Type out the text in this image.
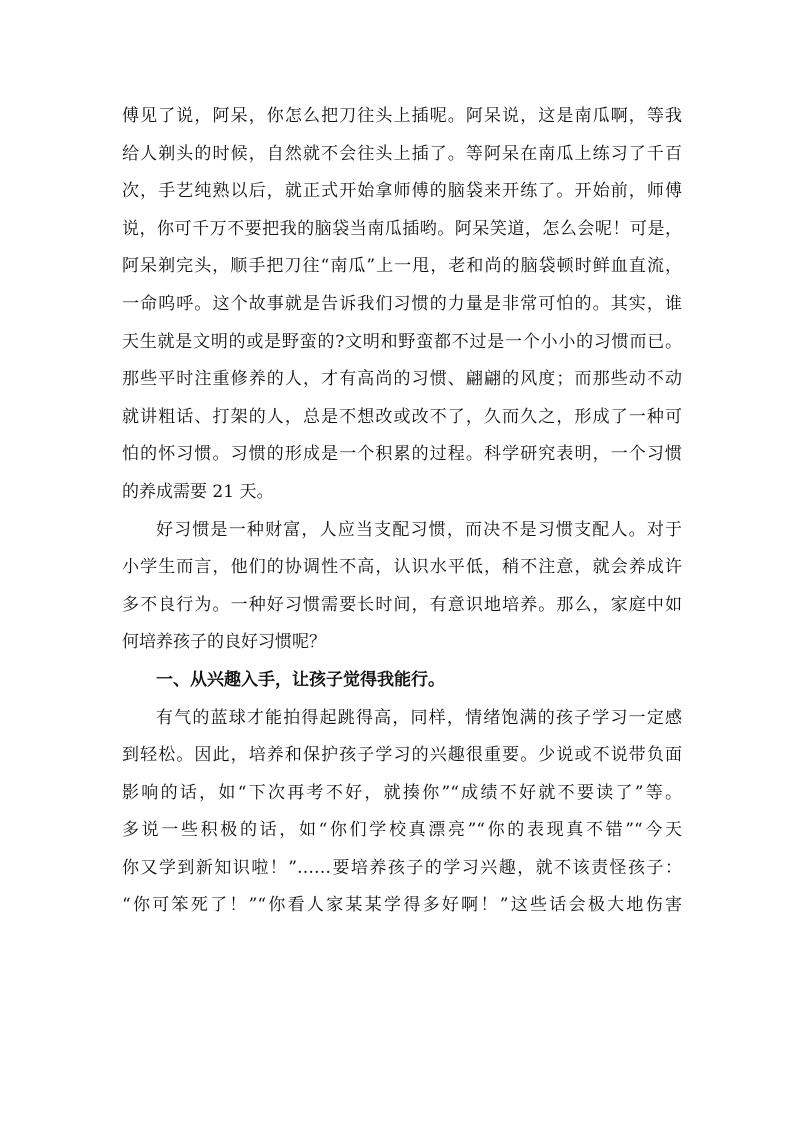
傅见了说，阿呆，你怎么把刀往头上插呢。阿呆说，这是南瓜啊，等我
给人剃头的时候，自然就不会往头上插了。等阿呆在南瓜上练习了千百
次，手艺纯熟以后，就正式开始拿师傅的脑袋来开练了。开始前，师傅
说，你可千万不要把我的脑袋当南瓜插哟。阿呆笑道，怎么会呢！可是，
阿呆剃完头，顺手把刀往“南瓜”上一甩，老和尚的脑袋顿时鲜血直流，
一命呜呼。这个故事就是告诉我们习惯的力量是非常可怕的。其实，谁
天生就是文明的或是野蛮的?文明和野蛮都不过是一个小小的习惯而已。
那些平时注重修养的人，才有高尚的习惯、翩翩的风度；而那些动不动
就讲粗话、打架的人，总是不想改或改不了，久而久之，形成了一种可
怕的怀习惯。习惯的形成是一个积累的过程。科学研究表明，一个习惯
的养成需要 21 天。
好习惯是一种财富，人应当支配习惯，而决不是习惯支配人。对于
小学生而言，他们的协调性不高，认识水平低，稍不注意，就会养成许
多不良行为。一种好习惯需要长时间，有意识地培养。那么，家庭中如
何培养孩子的良好习惯呢？
一、从兴趣入手，让孩子觉得我能行。
有气的蓝球才能拍得起跳得高，同样，情绪饱满的孩子学习一定感
到轻松。因此，培养和保护孩子学习的兴趣很重要。少说或不说带负面
影响的话，如“下次再考不好，就揍你”“成绩不好就不要读了”等。
多说一些积极的话，如“你们学校真漂亮”“你的表现真不错”“今天
你又学到新知识啦！”……要培养孩子的学习兴趣，就不该责怪孩子：
“你可笨死了！”“你看人家某某学得多好啊！”这些话会极大地伤害
